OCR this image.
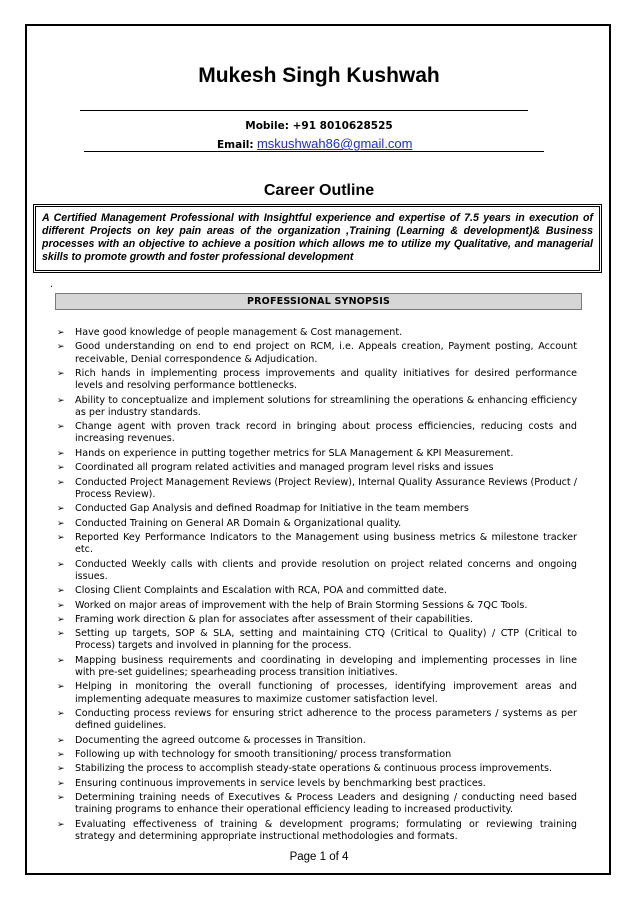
Mukesh Singh Kushwah
Mobile: +91 8010628525
Email: mskushwah86@gmail.com
Career Outline
A Certified Management Professional with Insightful experience and expertise of 7.5 years in execution of different Projects on key pain areas of the organization ,Training (Learning & development)& Business processes with an objective to achieve a position which allows me to utilize my Qualitative, and managerial skills to promote growth and foster professional development
.
PROFESSIONAL SYNOPSIS
➢ Have good knowledge of people management & Cost management.
➢ Good understanding on end to end project on RCM, i.e. Appeals creation, Payment posting, Account receivable, Denial correspondence & Adjudication.
➢ Rich hands in implementing process improvements and quality initiatives for desired performance levels and resolving performance bottlenecks.
➢ Ability to conceptualize and implement solutions for streamlining the operations & enhancing efficiency as per industry standards.
➢ Change agent with proven track record in bringing about process efficiencies, reducing costs and increasing revenues.
➢ Hands on experience in putting together metrics for SLA Management & KPI Measurement.
➢ Coordinated all program related activities and managed program level risks and issues
➢ Conducted Project Management Reviews (Project Review), Internal Quality Assurance Reviews (Product / Process Review).
➢ Conducted Gap Analysis and defined Roadmap for Initiative in the team members
➢ Conducted Training on General AR Domain & Organizational quality.
➢ Reported Key Performance Indicators to the Management using business metrics & milestone tracker etc.
➢ Conducted Weekly calls with clients and provide resolution on project related concerns and ongoing issues.
➢ Closing Client Complaints and Escalation with RCA, POA and committed date.
➢ Worked on major areas of improvement with the help of Brain Storming Sessions & 7QC Tools.
➢ Framing work direction & plan for associates after assessment of their capabilities.
➢ Setting up targets, SOP & SLA, setting and maintaining CTQ (Critical to Quality) / CTP (Critical to Process) targets and involved in planning for the process.
➢ Mapping business requirements and coordinating in developing and implementing processes in line with pre-set guidelines; spearheading process transition initiatives.
➢ Helping in monitoring the overall functioning of processes, identifying improvement areas and implementing adequate measures to maximize customer satisfaction level.
➢ Conducting process reviews for ensuring strict adherence to the process parameters / systems as per defined guidelines.
➢ Documenting the agreed outcome & processes in Transition.
➢ Following up with technology for smooth transitioning/ process transformation
➢ Stabilizing the process to accomplish steady-state operations & continuous process improvements.
➢ Ensuring continuous improvements in service levels by benchmarking best practices.
➢ Determining training needs of Executives & Process Leaders and designing / conducting need based training programs to enhance their operational efficiency leading to increased productivity.
➢ Evaluating effectiveness of training & development programs; formulating or reviewing training strategy and determining appropriate instructional methodologies and formats.
Page 1 of 4
